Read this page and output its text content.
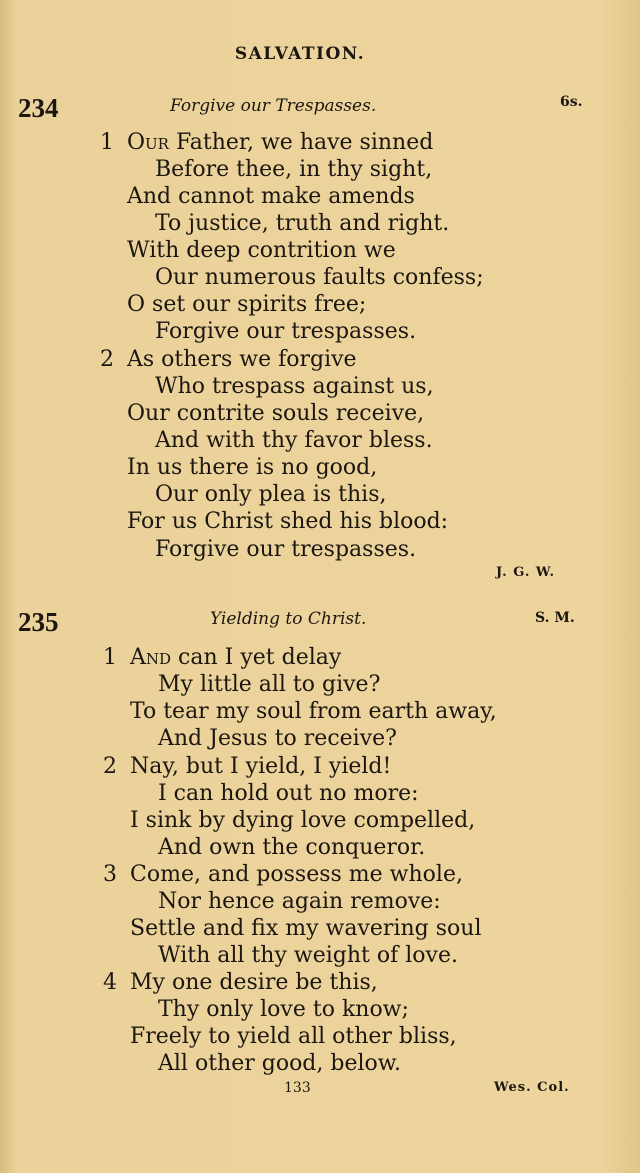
SALVATION.
234	Forgive our Trespasses.	6s.
1 Our Father, we have sinned
Before thee, in thy sight,
And cannot make amends
To justice, truth and right.
With deep contrition we
Our numerous faults confess;
O set our spirits free;
Forgive our trespasses.
2 As others we forgive
Who trespass against us,
Our contrite souls receive,
And with thy favor bless.
In us there is no good,
Our only plea is this,
For us Christ shed his blood:
Forgive our trespasses.
J. G. W.
235	Yielding to Christ.	S. M.
1 And can I yet delay
My little all to give?
To tear my soul from earth away,
And Jesus to receive?
2 Nay, but I yield, I yield!
I can hold out no more:
I sink by dying love compelled,
And own the conqueror.
3 Come, and possess me whole,
Nor hence again remove:
Settle and fix my wavering soul
With all thy weight of love.
4 My one desire be this,
Thy only love to know;
Freely to yield all other bliss,
All other good, below.
133	Wes. Col.
